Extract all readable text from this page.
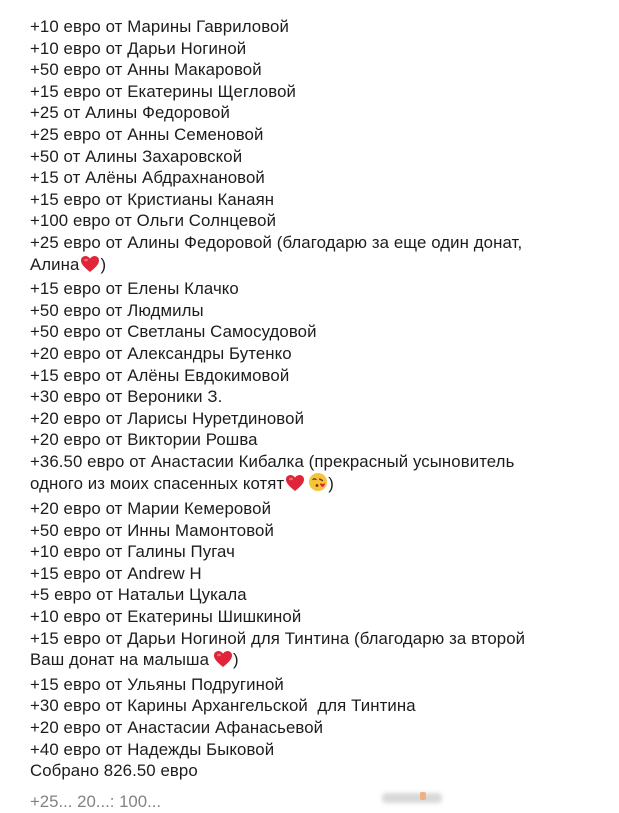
+10 евро от Марины Гавриловой
+10 евро от Дарьи Ногиной
+50 евро от Анны Макаровой
+15 евро от Екатерины Щегловой
+25 от Алины Федоровой
+25 евро от Анны Семеновой
+50 от Алины Захаровской
+15 от Алёны Абдрахнановой
+15 евро от Кристианы Канаян
+100 евро от Ольги Солнцевой
+25 евро от Алины Федоровой (благодарю за еще один донат,
Алина )
+15 евро от Елены Клачко
+50 евро от Людмилы
+50 евро от Светланы Самосудовой
+20 евро от Александры Бутенко
+15 евро от Алёны Евдокимовой
+30 евро от Вероники З.
+20 евро от Ларисы Нуретдиновой
+20 евро от Виктории Рошва
+36.50 евро от Анастасии Кибалка (прекрасный усыновитель
одного из моих спасенных котят	)
+20 евро от Марии Кемеровой
+50 евро от Инны Мамонтовой
+10 евро от Галины Пугач
+15 евро от Andrew H
+5 евро от Натальи Цукала
+10 евро от Екатерины Шишкиной
+15 евро от Дарьи Ногиной для Тинтина (благодарю за второй
Ваш донат на малыша )
+15 евро от Ульяны Подругиной
+30 евро от Карины Архангельской  для Тинтина
+20 евро от Анастасии Афанасьевой
+40 евро от Надежды Быковой
Собрано 826.50 евро
+25... 20...: 100...
